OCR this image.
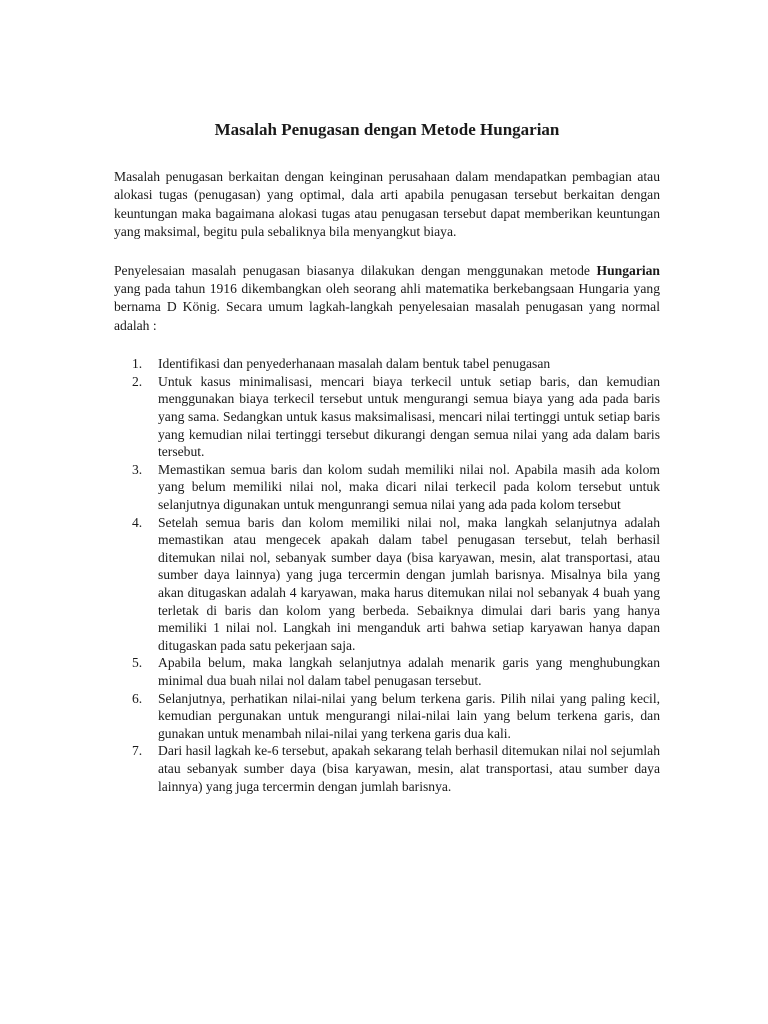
Masalah Penugasan dengan Metode Hungarian

Masalah penugasan berkaitan dengan keinginan perusahaan dalam mendapatkan pembagian atau alokasi tugas (penugasan) yang optimal, dala arti apabila penugasan tersebut berkaitan dengan keuntungan maka bagaimana alokasi tugas atau penugasan tersebut dapat memberikan keuntungan yang maksimal, begitu pula sebaliknya bila menyangkut biaya.

Penyelesaian masalah penugasan biasanya dilakukan dengan menggunakan metode Hungarian yang pada tahun 1916 dikembangkan oleh seorang ahli matematika berkebangsaan Hungaria yang bernama D König. Secara umum lagkah-langkah penyelesaian masalah penugasan yang normal adalah :

1.	Identifikasi dan penyederhanaan masalah dalam bentuk tabel penugasan
2.	Untuk kasus minimalisasi, mencari biaya terkecil untuk setiap baris, dan kemudian menggunakan biaya terkecil tersebut untuk mengurangi semua biaya yang ada pada baris yang sama. Sedangkan untuk kasus maksimalisasi, mencari nilai tertinggi untuk setiap baris yang kemudian nilai tertinggi tersebut dikurangi dengan semua nilai yang ada dalam baris tersebut.
3.	Memastikan semua baris dan kolom sudah memiliki nilai nol. Apabila masih ada kolom yang belum memiliki nilai nol, maka dicari nilai terkecil pada kolom tersebut untuk selanjutnya digunakan untuk mengunrangi semua nilai yang ada pada kolom tersebut
4.	Setelah semua baris dan kolom memiliki nilai nol, maka langkah selanjutnya adalah memastikan atau mengecek apakah dalam tabel penugasan tersebut, telah berhasil ditemukan nilai nol, sebanyak sumber daya (bisa karyawan, mesin, alat transportasi, atau sumber daya lainnya) yang juga tercermin dengan jumlah barisnya. Misalnya bila yang akan ditugaskan adalah 4 karyawan, maka harus ditemukan nilai nol sebanyak 4 buah yang terletak di baris dan kolom yang berbeda. Sebaiknya dimulai dari baris yang hanya memiliki 1 nilai nol. Langkah ini menganduk arti bahwa setiap karyawan hanya dapan ditugaskan pada satu pekerjaan saja.
5.	Apabila belum, maka langkah selanjutnya adalah menarik garis yang menghubungkan minimal dua buah nilai nol dalam tabel penugasan tersebut.
6.	Selanjutnya, perhatikan nilai-nilai yang belum terkena garis. Pilih nilai yang paling kecil, kemudian pergunakan untuk mengurangi nilai-nilai lain yang belum terkena garis, dan gunakan untuk menambah nilai-nilai yang terkena garis dua kali.
7.	Dari hasil lagkah ke-6 tersebut, apakah sekarang telah berhasil ditemukan nilai nol sejumlah atau sebanyak sumber daya (bisa karyawan, mesin, alat transportasi, atau sumber daya lainnya) yang juga tercermin dengan jumlah barisnya.
